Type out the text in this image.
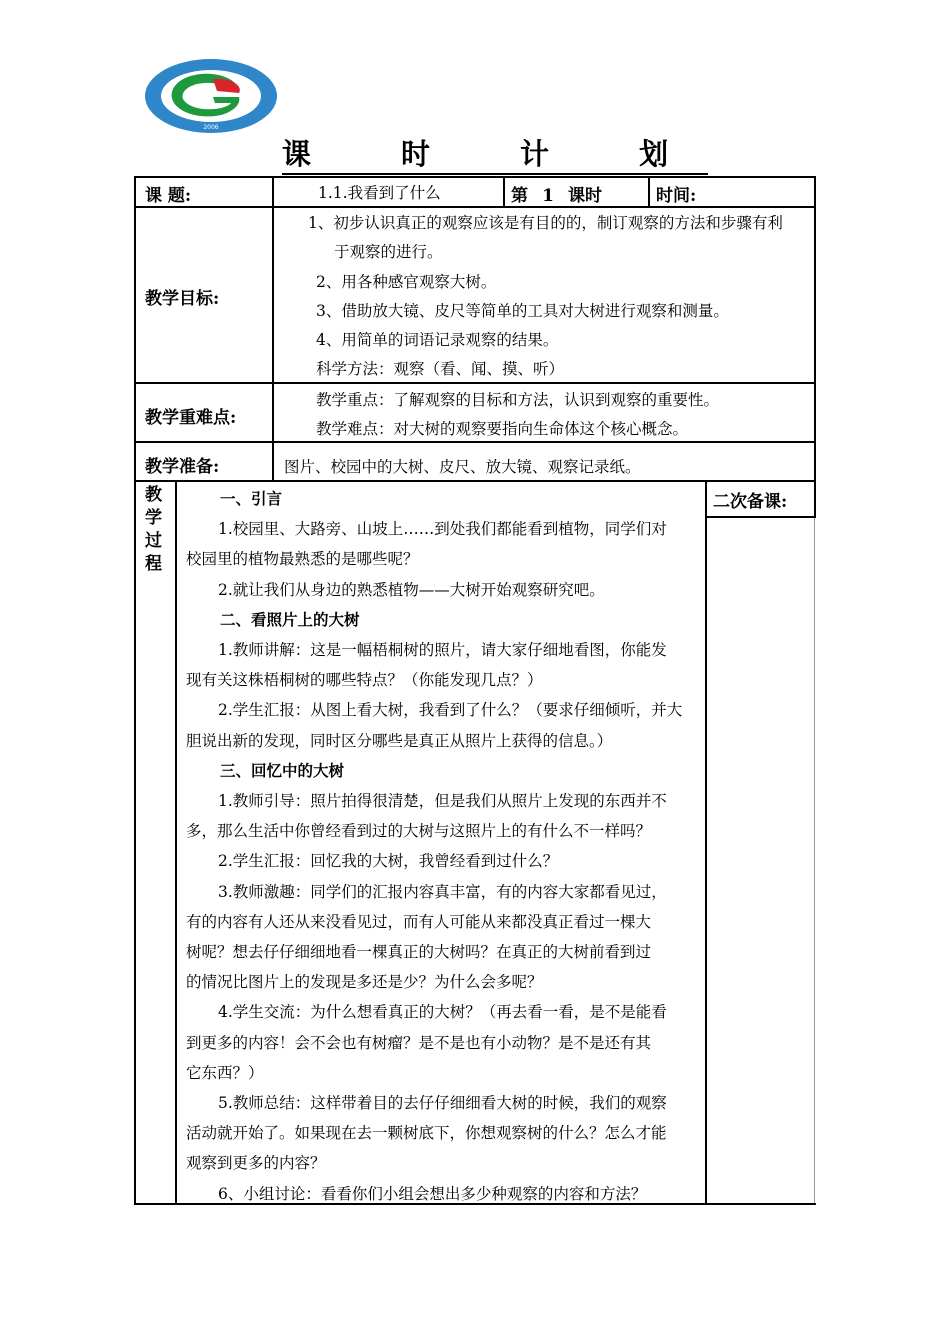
2006
课 时 计 划
课 题:	1.1.我看到了什么	第 1 课时	时间:
教学目标:
1、初步认识真正的观察应该是有目的的，制订观察的方法和步骤有利
于观察的进行。
2、用各种感官观察大树。
3、借助放大镜、皮尺等简单的工具对大树进行观察和测量。
4、用简单的词语记录观察的结果。
科学方法：观察（看、闻、摸、听）
教学重难点:
教学重点：了解观察的目标和方法，认识到观察的重要性。
教学难点：对大树的观察要指向生命体这个核心概念。
教学准备:	图片、校园中的大树、皮尺、放大镜、观察记录纸。
教
学
过
程
二次备课:
一、引言
1.校园里、大路旁、山坡上……到处我们都能看到植物，同学们对
校园里的植物最熟悉的是哪些呢？
2.就让我们从身边的熟悉植物——大树开始观察研究吧。
二、看照片上的大树
1.教师讲解：这是一幅梧桐树的照片，请大家仔细地看图，你能发
现有关这株梧桐树的哪些特点？（你能发现几点？）
2.学生汇报：从图上看大树，我看到了什么？（要求仔细倾听，并大
胆说出新的发现，同时区分哪些是真正从照片上获得的信息。）
三、回忆中的大树
1.教师引导：照片拍得很清楚，但是我们从照片上发现的东西并不
多，那么生活中你曾经看到过的大树与这照片上的有什么不一样吗？
2.学生汇报：回忆我的大树，我曾经看到过什么？
3.教师激趣：同学们的汇报内容真丰富，有的内容大家都看见过，
有的内容有人还从来没看见过，而有人可能从来都没真正看过一棵大
树呢？想去仔仔细细地看一棵真正的大树吗？在真正的大树前看到过
的情况比图片上的发现是多还是少？为什么会多呢？
4.学生交流：为什么想看真正的大树？（再去看一看，是不是能看
到更多的内容！会不会也有树瘤？是不是也有小动物？是不是还有其
它东西？）
5.教师总结：这样带着目的去仔仔细细看大树的时候，我们的观察
活动就开始了。如果现在去一颗树底下，你想观察树的什么？怎么才能
观察到更多的内容？
6、小组讨论：看看你们小组会想出多少种观察的内容和方法？
